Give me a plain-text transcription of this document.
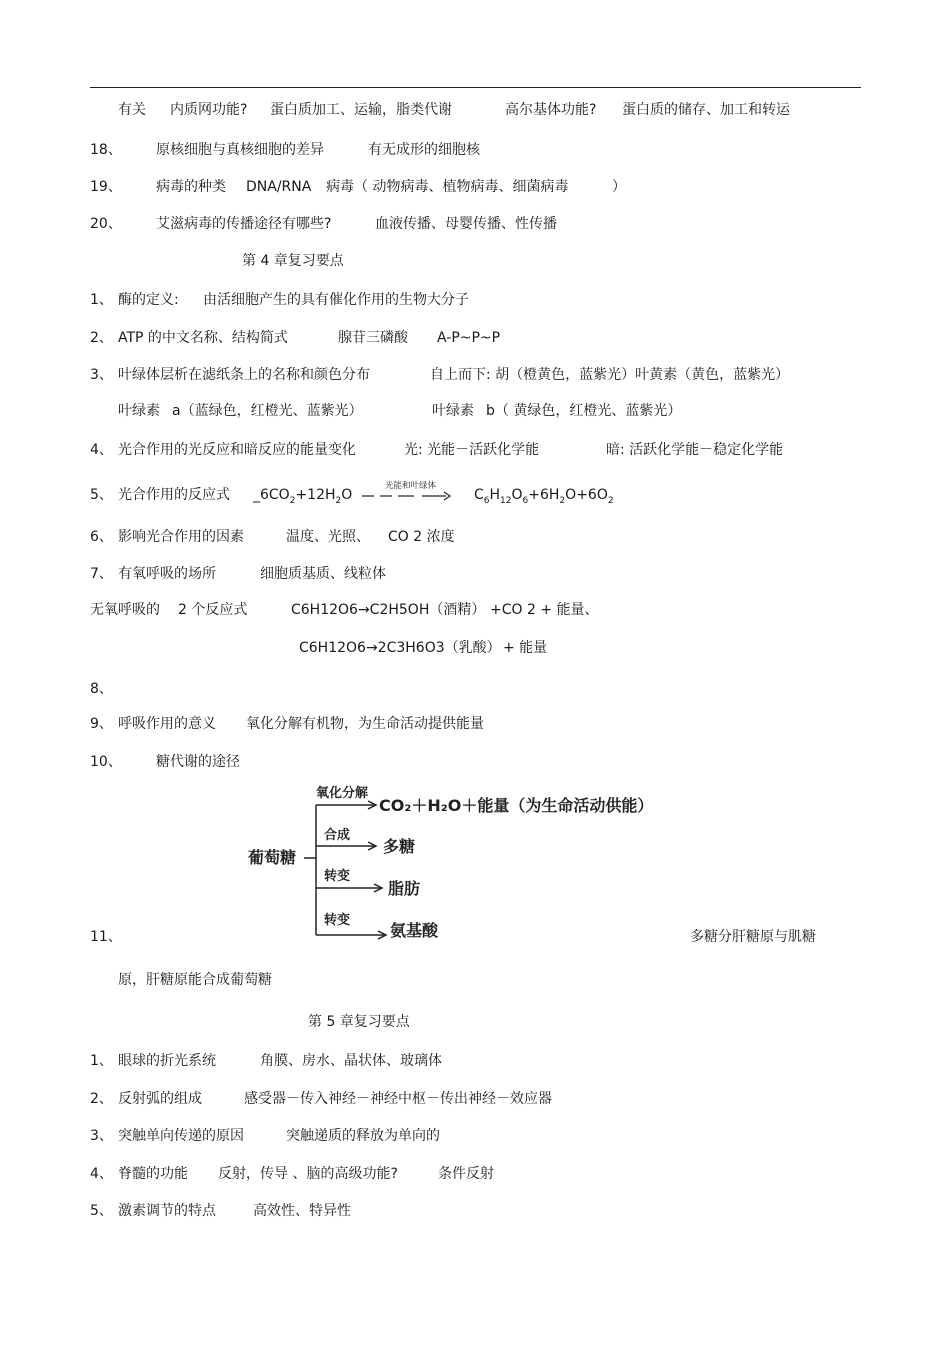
有关 内质网功能? 蛋白质加工、运输，脂类代谢	高尔基体功能? 蛋白质的储存、加工和转运
18、 原核细胞与真核细胞的差异	有无成形的细胞核
19、 病毒的种类 DNA/RNA 病毒（ 动物病毒、植物病毒、细菌病毒	）
20、 艾滋病毒的传播途径有哪些?	血液传播、母婴传播、性传播
第 4 章复习要点
1、 酶的定义: 由活细胞产生的具有催化作用的生物大分子
2、 ATP 的中文名称、结构简式	腺苷三磷酸 A-P~P~P
3、 叶绿体层析在滤纸条上的名称和颜色分布	自上而下: 胡（橙黄色，蓝紫光）叶黄素（黄色，蓝紫光）
叶绿素 a（蓝绿色，红橙光、蓝紫光）	叶绿素 b（ 黄绿色，红橙光、蓝紫光）
4、 光合作用的光反应和暗反应的能量变化	光: 光能－活跃化学能	暗: 活跃化学能－稳定化学能
5、 光合作用的反应式 $\_6CO_2+12H_2O$
光能和叶绿体
$C_6H_{12}O_6+6H_2O+6O_2$
6、 影响光合作用的因素	温度、光照、 CO 2 浓度
7、 有氧呼吸的场所	细胞质基质、线粒体
无氧呼吸的 2 个反应式	C6H12O6→C2H5OH（酒精） +CO 2 + 能量、
C6H12O6→2C3H6O3（乳酸） + 能量
8、
9、 呼吸作用的意义 氧化分解有机物，为生命活动提供能量
10、 糖代谢的途径
葡萄糖
氧化分解
CO₂＋H₂O＋能量（为生命活动供能）
合成
多糖
转变
脂肪
转变
氨基酸
11、	多糖分肝糖原与肌糖
原，肝糖原能合成葡萄糖
第 5 章复习要点
1、 眼球的折光系统	角膜、房水、晶状体、玻璃体
2、 反射弧的组成	感受器－传入神经－神经中枢－传出神经－效应器
3、 突触单向传递的原因	突触递质的释放为单向的
4、 脊髓的功能 反射，传导 、脑的高级功能?	条件反射
5、 激素调节的特点	高效性、特异性
